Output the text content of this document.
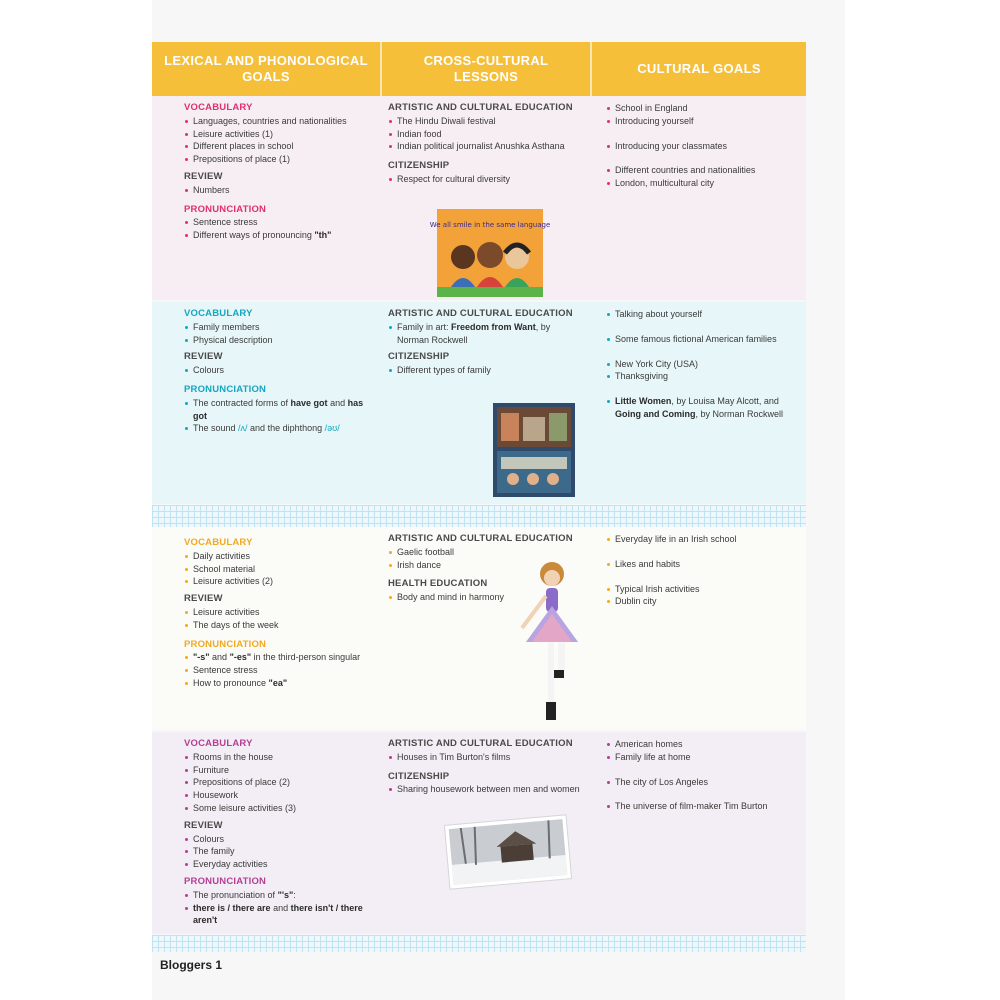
LEXICAL AND PHONOLOGICAL GOALS
CROSS-CULTURAL LESSONS
CULTURAL GOALS
VOCABULARY
Languages, countries and nationalities
Leisure activities (1)
Different places in school
Prepositions of place (1)
REVIEW
Numbers
PRONUNCIATION
Sentence stress
Different ways of pronouncing "th"
ARTISTIC AND CULTURAL EDUCATION
The Hindu Diwali festival
Indian food
Indian political journalist Anushka Asthana
CITIZENSHIP
Respect for cultural diversity
School in England
Introducing yourself
Introducing your classmates
Different countries and nationalities
London, multicultural city
We all smile in the same language
VOCABULARY
Family members
Physical description
REVIEW
Colours
PRONUNCIATION
The contracted forms of have got and has got
The sound /ʌ/ and the diphthong /əʊ/
ARTISTIC AND CULTURAL EDUCATION
Family in art: Freedom from Want, by Norman Rockwell
CITIZENSHIP
Different types of family
Talking about yourself
Some famous fictional American families
New York City (USA)
Thanksgiving
Little Women, by Louisa May Alcott, and Going and Coming, by Norman Rockwell
VOCABULARY
Daily activities
School material
Leisure activities (2)
REVIEW
Leisure activities
The days of the week
PRONUNCIATION
"-s" and "-es" in the third-person singular
Sentence stress
How to pronounce "ea"
ARTISTIC AND CULTURAL EDUCATION
Gaelic football
Irish dance
HEALTH EDUCATION
Body and mind in harmony
Everyday life in an Irish school
Likes and habits
Typical Irish activities
Dublin city
VOCABULARY
Rooms in the house
Furniture
Prepositions of place (2)
Housework
Some leisure activities (3)
REVIEW
Colours
The family
Everyday activities
PRONUNCIATION
The pronunciation of "'s":
there is / there are and there isn't / there aren't
ARTISTIC AND CULTURAL EDUCATION
Houses in Tim Burton's films
CITIZENSHIP
Sharing housework between men and women
American homes
Family life at home
The city of Los Angeles
The universe of film-maker Tim Burton
Bloggers 1
